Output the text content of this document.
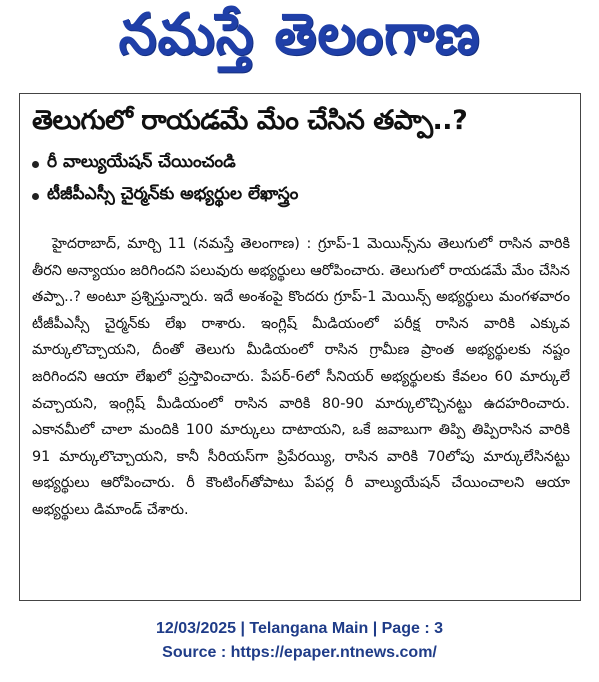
నమస్తే తెలంగాణ
తెలుగులో రాయడమే మేం చేసిన తప్పా..?
రీ వాల్యుయేషన్ చేయించండి
టీజీపీఎస్సీ చైర్మన్‌కు అభ్యర్థుల లేఖాస్త్రం

హైదరాబాద్, మార్చి 11 (నమస్తే తెలంగాణ) : గ్రూప్-1 మెయిన్స్‌ను తెలుగులో రాసిన వారికి తీరని అన్యాయం జరిగిందని పలువురు అభ్యర్థులు ఆరోపించారు. తెలుగులో రాయడమే మేం చేసిన తప్పా..? అంటూ ప్రశ్నిస్తున్నారు. ఇదే అంశంపై కొందరు గ్రూప్-1 మెయిన్స్ అభ్యర్థులు మంగళవారం టీజీపీఎస్సీ చైర్మన్‌కు లేఖ రాశారు. ఇంగ్లిష్ మీడియంలో పరీక్ష రాసిన వారికి ఎక్కువ మార్కులొచ్చాయని, దీంతో తెలుగు మీడియంలో రాసిన గ్రామీణ ప్రాంత అభ్యర్థులకు నష్టం జరిగిందని ఆయా లేఖలో ప్రస్తావించారు. పేపర్-6లో సీనియర్ అభ్యర్థులకు కేవలం 60 మార్కులే వచ్చాయని, ఇంగ్లిష్ మీడియంలో రాసిన వారికి 80-90 మార్కులొచ్చినట్టు ఉదహరించారు. ఎకానమీలో చాలా మందికి 100 మార్కులు దాటాయని, ఒకే జవాబుగా తిప్పి తిప్పిరాసిన వారికి 91 మార్కులొచ్చాయని, కానీ సీరియస్‌గా ప్రిపేరయ్యి, రాసిన వారికి 70లోపు మార్కులేసినట్టు అభ్యర్థులు ఆరోపించారు. రీ కౌంటింగ్‌తోపాటు పేపర్ల రీ వాల్యుయేషన్ చేయించాలని ఆయా అభ్యర్థులు డిమాండ్ చేశారు.

12/03/2025 | Telangana Main | Page : 3
Source : https://epaper.ntnews.com/
